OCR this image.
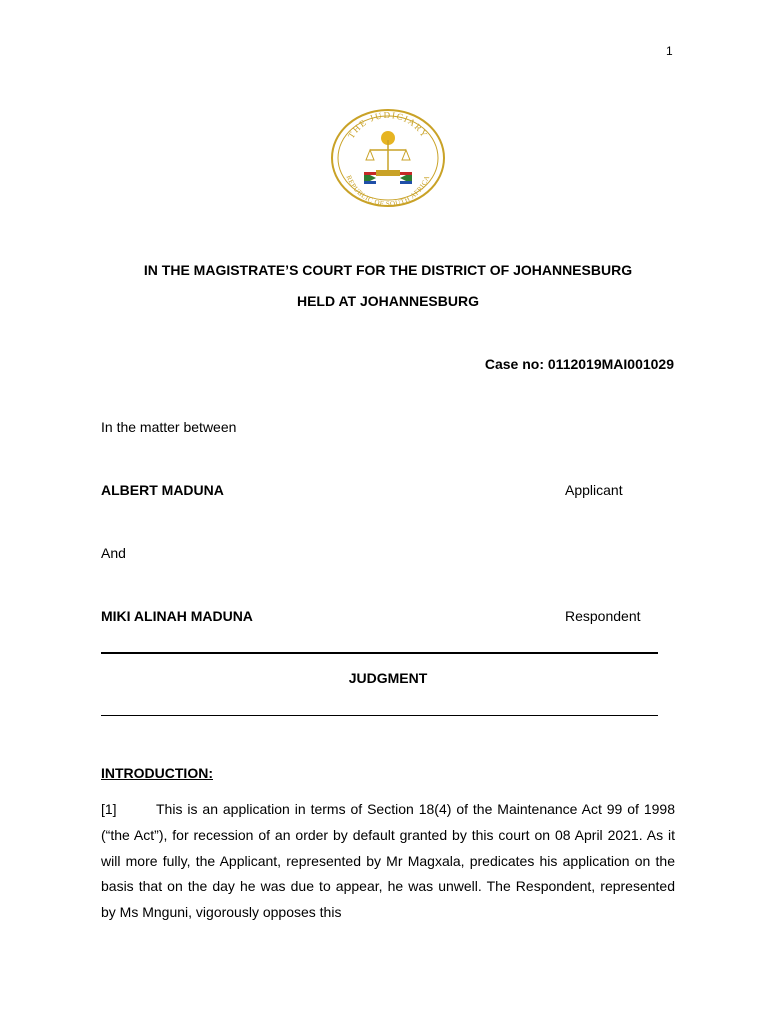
1
THE JUDICIARY
REPUBLIC OF SOUTH AFRICA
IN THE MAGISTRATE’S COURT FOR THE DISTRICT OF JOHANNESBURG
HELD AT JOHANNESBURG
Case no: 0112019MAI001029
In the matter between
ALBERT MADUNA	Applicant
And
MIKI ALINAH MADUNA	Respondent
JUDGMENT
INTRODUCTION:
[1]	This is an application in terms of Section 18(4) of the Maintenance Act 99 of 1998 (“the Act”), for recession of an order by default granted by this court on 08 April 2021. As it will more fully, the Applicant, represented by Mr Magxala, predicates his application on the basis that on the day he was due to appear, he was unwell. The Respondent, represented by Ms Mnguni, vigorously opposes this
